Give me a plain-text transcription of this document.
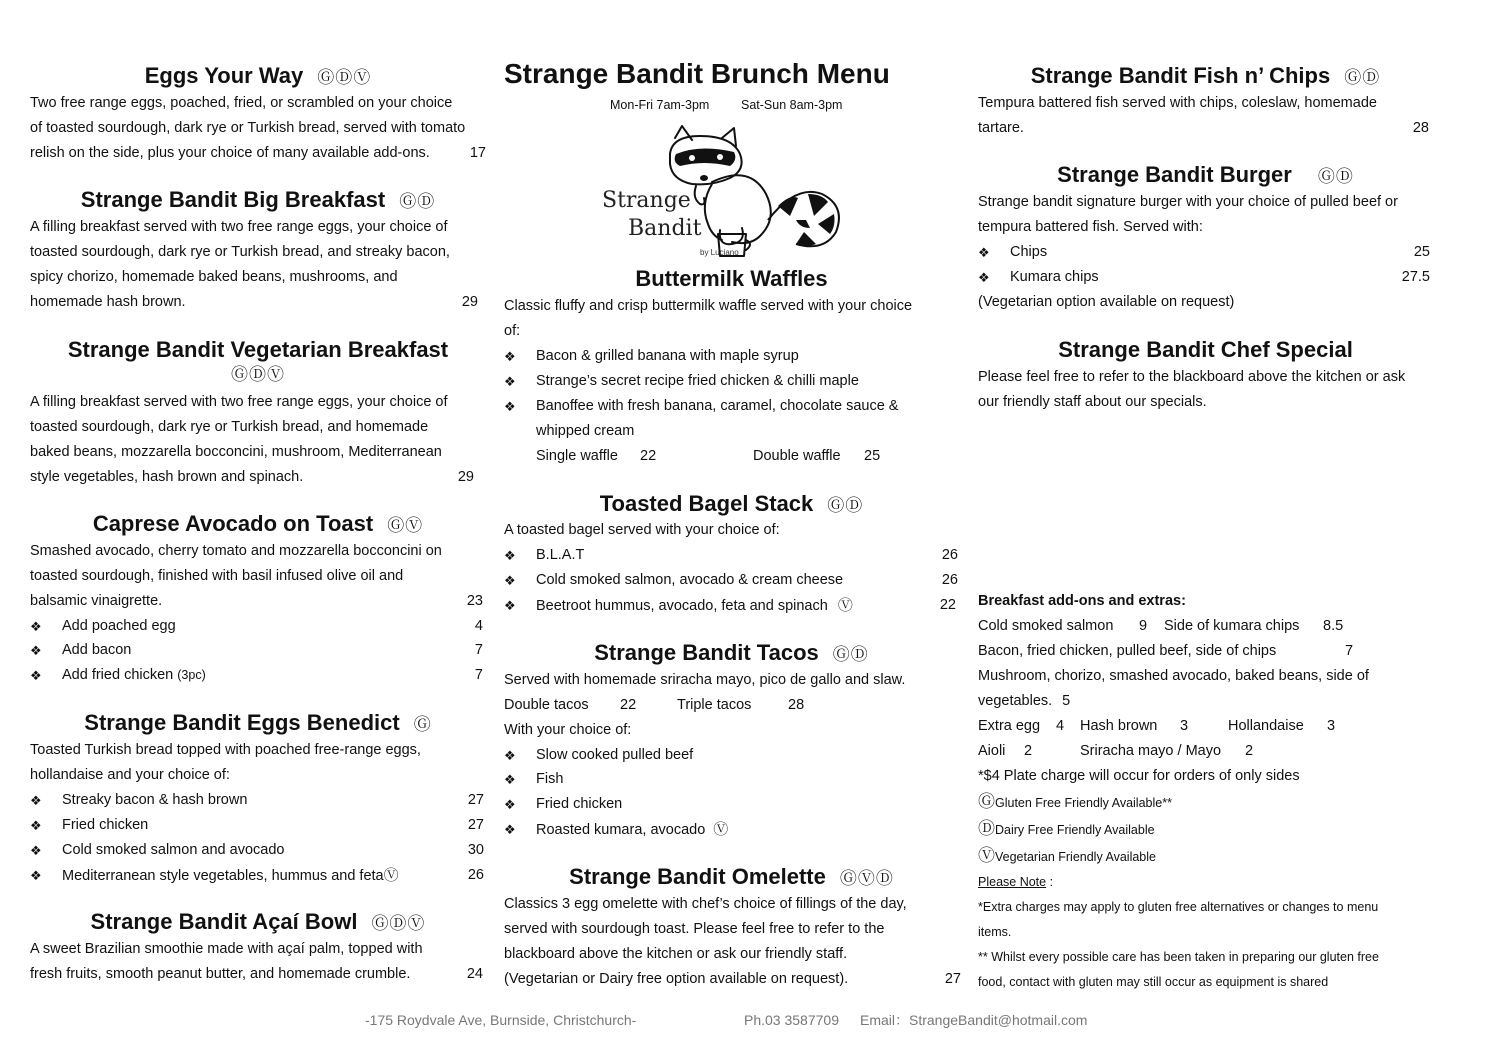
Eggs Your Way ⒼⒹⓋ
Two free range eggs, poached, fried, or scrambled on your choice
of toasted sourdough, dark rye or Turkish bread, served with tomato
relish on the side, plus your choice of many available add-ons.	17
Strange Bandit Big Breakfast ⒼⒹ
A filling breakfast served with two free range eggs, your choice of
toasted sourdough, dark rye or Turkish bread, and streaky bacon,
spicy chorizo, homemade baked beans, mushrooms, and
homemade hash brown.	29
Strange Bandit Vegetarian Breakfast
ⒼⒹⓋ
A filling breakfast served with two free range eggs, your choice of
toasted sourdough, dark rye or Turkish bread, and homemade
baked beans, mozzarella bocconcini, mushroom, Mediterranean
style vegetables, hash brown and spinach.	29
Caprese Avocado on Toast ⒼⓋ
Smashed avocado, cherry tomato and mozzarella bocconcini on
toasted sourdough, finished with basil infused olive oil and
balsamic vinaigrette.	23
❖ Add poached egg	4
❖ Add bacon	7
❖ Add fried chicken (3pc)	7
Strange Bandit Eggs Benedict Ⓖ
Toasted Turkish bread topped with poached free-range eggs,
hollandaise and your choice of:
❖ Streaky bacon & hash brown	27
❖ Fried chicken	27
❖ Cold smoked salmon and avocado	30
❖ Mediterranean style vegetables, hummus and fetaⓋ	26
Strange Bandit Açaí Bowl ⒼⒹⓋ
A sweet Brazilian smoothie made with açaí palm, topped with
fresh fruits, smooth peanut butter, and homemade crumble.	24
Strange Bandit Brunch Menu
Mon-Fri 7am-3pm	Sat-Sun 8am-3pm
Strange
Bandit
by Luciano
Buttermilk Waffles
Classic fluffy and crisp buttermilk waffle served with your choice
of:
❖ Bacon & grilled banana with maple syrup
❖ Strange’s secret recipe fried chicken & chilli maple
❖ Banoffee with fresh banana, caramel, chocolate sauce &
whipped cream
Single waffle 22	Double waffle 25
Toasted Bagel Stack ⒼⒹ
A toasted bagel served with your choice of:
❖ B.L.A.T	26
❖ Cold smoked salmon, avocado & cream cheese	26
❖ Beetroot hummus, avocado, feta and spinach Ⓥ	22
Strange Bandit Tacos ⒼⒹ
Served with homemade sriracha mayo, pico de gallo and slaw.
Double tacos 22	Triple tacos	28
With your choice of:
❖ Slow cooked pulled beef
❖ Fish
❖ Fried chicken
❖ Roasted kumara, avocado Ⓥ
Strange Bandit Omelette ⒼⓋⒹ
Classics 3 egg omelette with chef’s choice of fillings of the day,
served with sourdough toast. Please feel free to refer to the
blackboard above the kitchen or ask our friendly staff.
(Vegetarian or Dairy free option available on request).	27
Strange Bandit Fish n’ Chips ⒼⒹ
Tempura battered fish served with chips, coleslaw, homemade
tartare.	28
Strange Bandit Burger ⒼⒹ
Strange bandit signature burger with your choice of pulled beef or
tempura battered fish. Served with:
❖ Chips	25
❖ Kumara chips	27.5
(Vegetarian option available on request)
Strange Bandit Chef Special
Please feel free to refer to the blackboard above the kitchen or ask
our friendly staff about our specials.
Breakfast add-ons and extras:
Cold smoked salmon 9 Side of kumara chips 8.5
Bacon, fried chicken, pulled beef, side of chips	7
Mushroom, chorizo, smashed avocado, baked beans, side of
vegetables. 5
Extra egg 4 Hash brown 3	Hollandaise 3
Aioli 2	Sriracha mayo / Mayo 2
*$4 Plate charge will occur for orders of only sides
ⒼGluten Free Friendly Available**
ⒹDairy Free Friendly Available
ⓋVegetarian Friendly Available
Please Note :
*Extra charges may apply to gluten free alternatives or changes to menu
items.
** Whilst every possible care has been taken in preparing our gluten free
food, contact with gluten may still occur as equipment is shared
-175 Roydvale Ave, Burnside, Christchurch-	Ph.03 3587709 Email：StrangeBandit@hotmail.com
